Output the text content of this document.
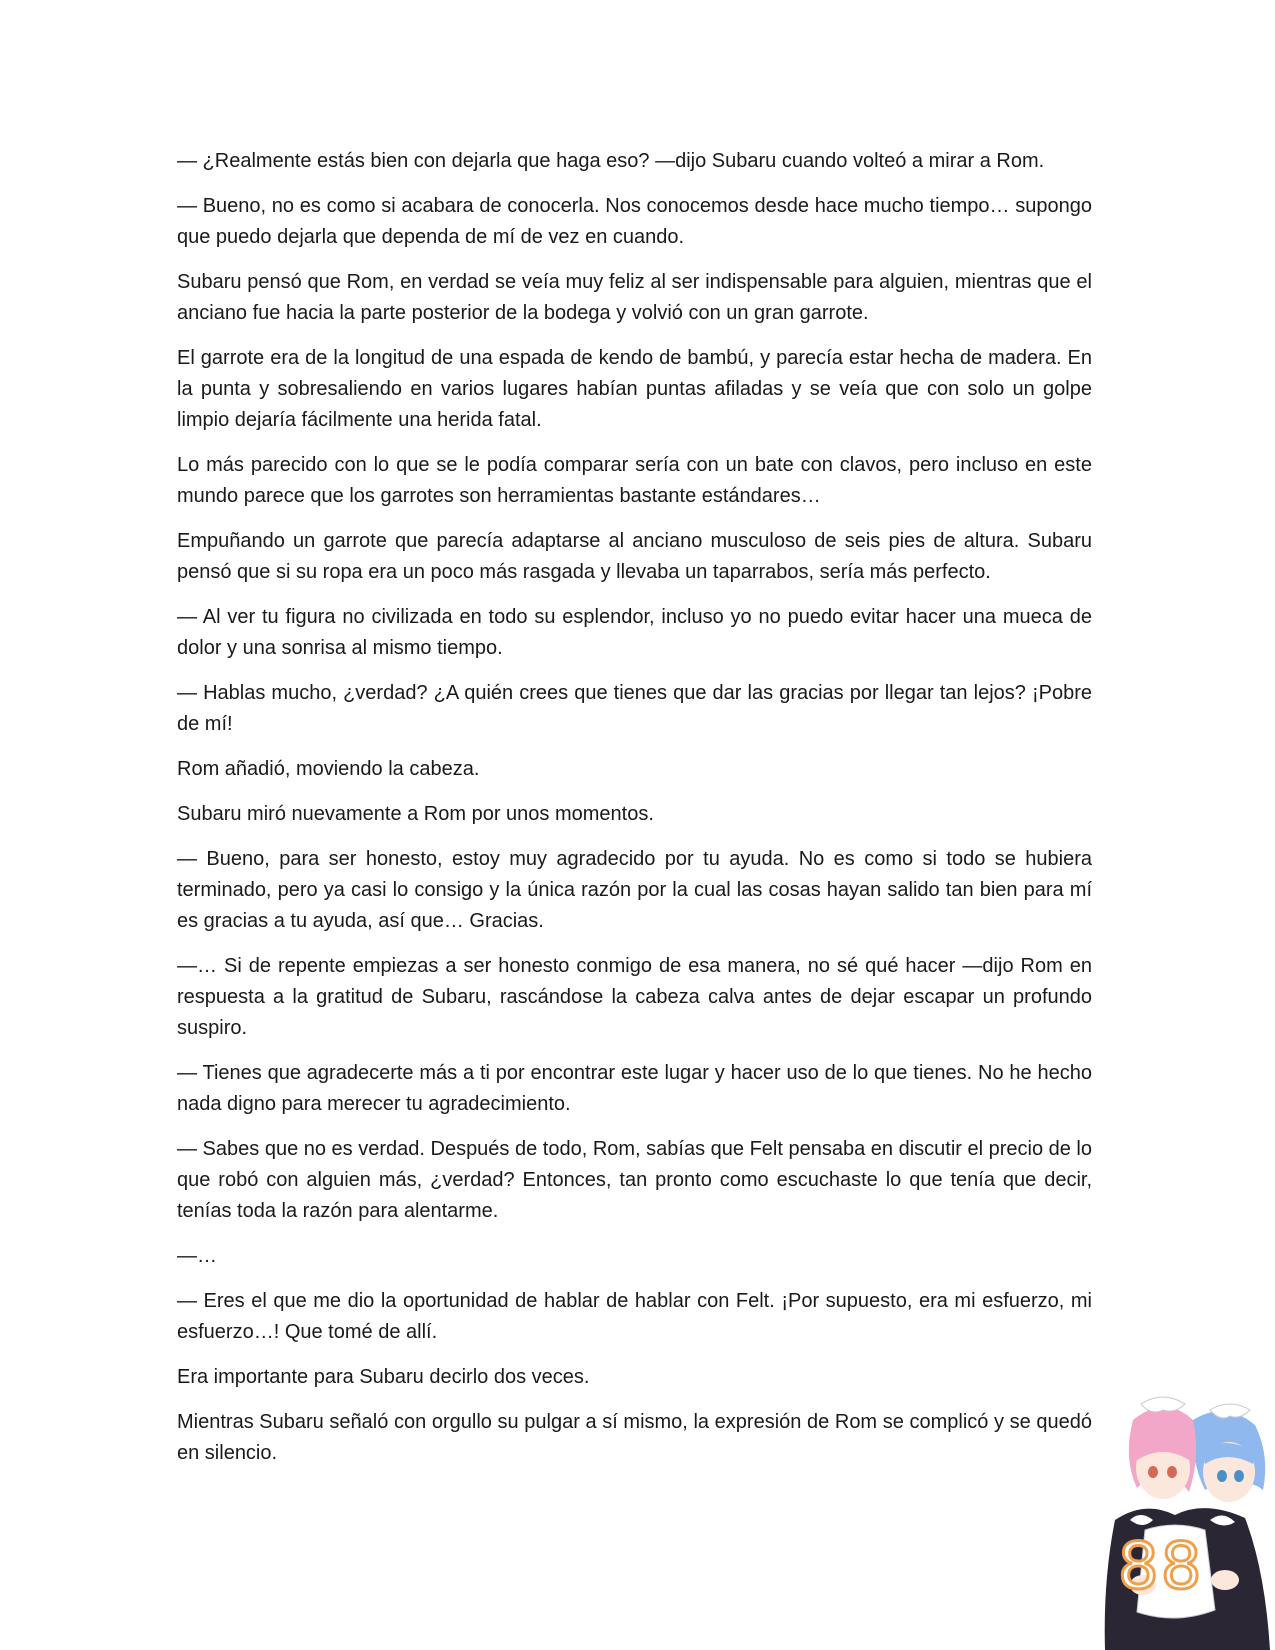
— ¿Realmente estás bien con dejarla que haga eso? —dijo Subaru cuando volteó a mirar a Rom.

— Bueno, no es como si acabara de conocerla. Nos conocemos desde hace mucho tiempo… supongo que puedo dejarla que dependa de mí de vez en cuando.

Subaru pensó que Rom, en verdad se veía muy feliz al ser indispensable para alguien, mientras que el anciano fue hacia la parte posterior de la bodega y volvió con un gran garrote.

El garrote era de la longitud de una espada de kendo de bambú, y parecía estar hecha de madera. En la punta y sobresaliendo en varios lugares habían puntas afiladas y se veía que con solo un golpe limpio dejaría fácilmente una herida fatal.

Lo más parecido con lo que se le podía comparar sería con un bate con clavos, pero incluso en este mundo parece que los garrotes son herramientas bastante estándares…

Empuñando un garrote que parecía adaptarse al anciano musculoso de seis pies de altura. Subaru pensó que si su ropa era un poco más rasgada y llevaba un taparrabos, sería más perfecto.

— Al ver tu figura no civilizada en todo su esplendor, incluso yo no puedo evitar hacer una mueca de dolor y una sonrisa al mismo tiempo.

— Hablas mucho, ¿verdad? ¿A quién crees que tienes que dar las gracias por llegar tan lejos? ¡Pobre de mí!

Rom añadió, moviendo la cabeza.

Subaru miró nuevamente a Rom por unos momentos.

— Bueno, para ser honesto, estoy muy agradecido por tu ayuda. No es como si todo se hubiera terminado, pero ya casi lo consigo y la única razón por la cual las cosas hayan salido tan bien para mí es gracias a tu ayuda, así que… Gracias.

—… Si de repente empiezas a ser honesto conmigo de esa manera, no sé qué hacer —dijo Rom en respuesta a la gratitud de Subaru, rascándose la cabeza calva antes de dejar escapar un profundo suspiro.

— Tienes que agradecerte más a ti por encontrar este lugar y hacer uso de lo que tienes. No he hecho nada digno para merecer tu agradecimiento.

— Sabes que no es verdad. Después de todo, Rom, sabías que Felt pensaba en discutir el precio de lo que robó con alguien más, ¿verdad? Entonces, tan pronto como escuchaste lo que tenía que decir, tenías toda la razón para alentarme.

—…

— Eres el que me dio la oportunidad de hablar de hablar con Felt. ¡Por supuesto, era mi esfuerzo, mi esfuerzo…! Que tomé de allí.

Era importante para Subaru decirlo dos veces.

Mientras Subaru señaló con orgullo su pulgar a sí mismo, la expresión de Rom se complicó y se quedó en silencio.

88
